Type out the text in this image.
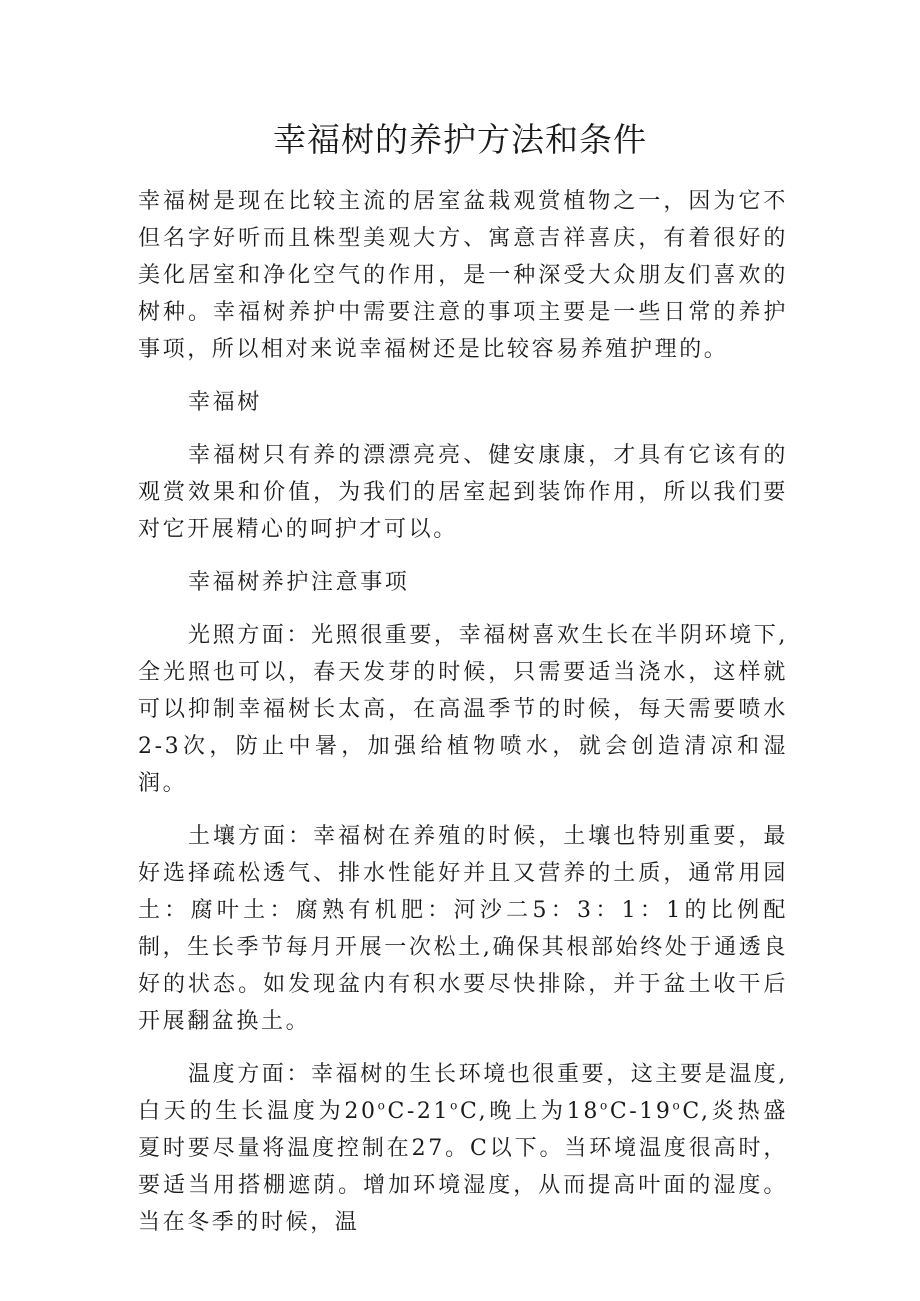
幸福树的养护方法和条件

幸福树是现在比较主流的居室盆栽观赏植物之一，因为它不但名字好听而且株型美观大方、寓意吉祥喜庆，有着很好的美化居室和净化空气的作用，是一种深受大众朋友们喜欢的树种。幸福树养护中需要注意的事项主要是一些日常的养护事项，所以相对来说幸福树还是比较容易养殖护理的。

幸福树

幸福树只有养的漂漂亮亮、健安康康，才具有它该有的观赏效果和价值，为我们的居室起到装饰作用，所以我们要对它开展精心的呵护才可以。

幸福树养护注意事项

光照方面：光照很重要，幸福树喜欢生长在半阴环境下,全光照也可以，春天发芽的时候，只需要适当浇水，这样就可以抑制幸福树长太高，在高温季节的时候，每天需要喷水2-3次，防止中暑，加强给植物喷水，就会创造清凉和湿润。

土壤方面：幸福树在养殖的时候，土壤也特别重要，最好选择疏松透气、排水性能好并且又营养的土质，通常用园土：腐叶土：腐熟有机肥：河沙二5：3：1：1的比例配制，生长季节每月开展一次松土,确保其根部始终处于通透良好的状态。如发现盆内有积水要尽快排除，并于盆土收干后开展翻盆换土。

温度方面：幸福树的生长环境也很重要，这主要是温度,白天的生长温度为20$^o$C-21$^o$C,晚上为18$^o$C-19$^o$C,炎热盛夏时要尽量将温度控制在27。C以下。当环境温度很高时，要适当用搭棚遮荫。增加环境湿度，从而提高叶面的湿度。当在冬季的时候，温
